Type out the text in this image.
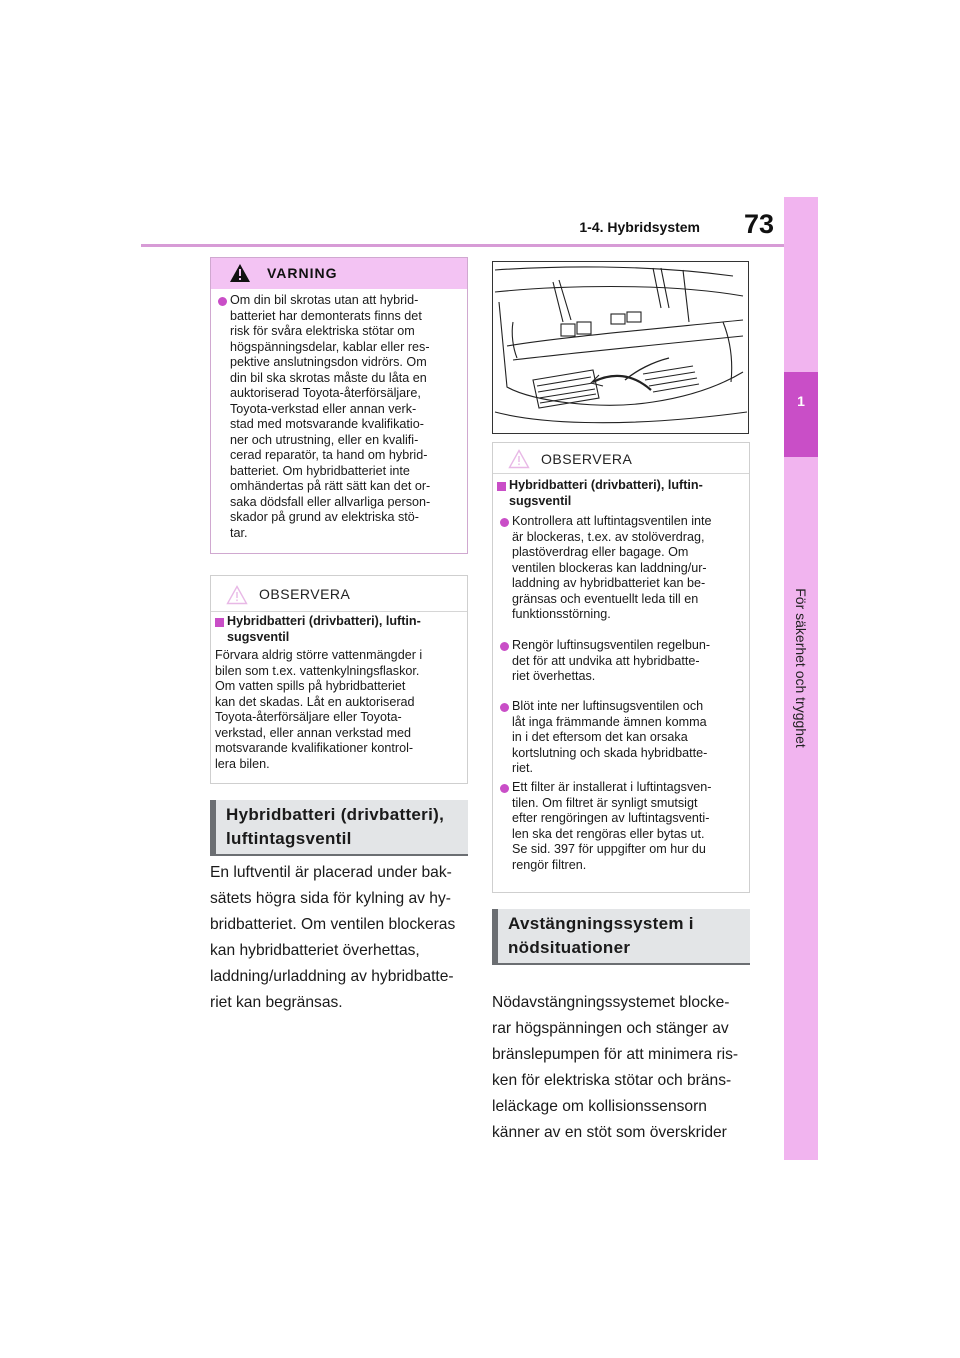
1-4. Hybridsystem	73
1
För säkerhet och trygghet
VARNING
Om din bil skrotas utan att hybrid-
batteriet har demonterats finns det
risk för svåra elektriska stötar om
högspänningsdelar, kablar eller res-
pektive anslutningsdon vidrörs. Om
din bil ska skrotas måste du låta en
auktoriserad Toyota-återförsäljare,
Toyota-verkstad eller annan verk-
stad med motsvarande kvalifikatio-
ner och utrustning, eller en kvalifi-
cerad reparatör, ta hand om hybrid-
batteriet. Om hybridbatteriet inte
omhändertas på rätt sätt kan det or-
saka dödsfall eller allvarliga person-
skador på grund av elektriska stö-
tar.
OBSERVERA
Hybridbatteri (drivbatteri), luftin-
sugsventil
Förvara aldrig större vattenmängder i
bilen som t.ex. vattenkylningsflaskor.
Om vatten spills på hybridbatteriet
kan det skadas. Låt en auktoriserad
Toyota-återförsäljare eller Toyota-
verkstad, eller annan verkstad med
motsvarande kvalifikationer kontrol-
lera bilen.
Hybridbatteri (drivbatteri),
luftintagsventil
En luftventil är placerad under bak-
sätets högra sida för kylning av hy-
bridbatteriet. Om ventilen blockeras
kan hybridbatteriet överhettas,
laddning/urladdning av hybridbatte-
riet kan begränsas.
OBSERVERA
Hybridbatteri (drivbatteri), luftin-
sugsventil
Kontrollera att luftintagsventilen inte
är blockeras, t.ex. av stolöverdrag,
plastöverdrag eller bagage. Om
ventilen blockeras kan laddning/ur-
laddning av hybridbatteriet kan be-
gränsas och eventuellt leda till en
funktionsstörning.
Rengör luftinsugsventilen regelbun-
det för att undvika att hybridbatte-
riet överhettas.
Blöt inte ner luftinsugsventilen och
låt inga främmande ämnen komma
in i det eftersom det kan orsaka
kortslutning och skada hybridbatte-
riet.
Ett filter är installerat i luftintagsven-
tilen. Om filtret är synligt smutsigt
efter rengöringen av luftintagsventi-
len ska det rengöras eller bytas ut.
Se sid. 397 för uppgifter om hur du
rengör filtren.
Avstängningssystem i
nödsituationer
Nödavstängningssystemet blocke-
rar högspänningen och stänger av
bränslepumpen för att minimera ris-
ken för elektriska stötar och bräns-
leläckage om kollisionssensorn
känner av en stöt som överskrider
